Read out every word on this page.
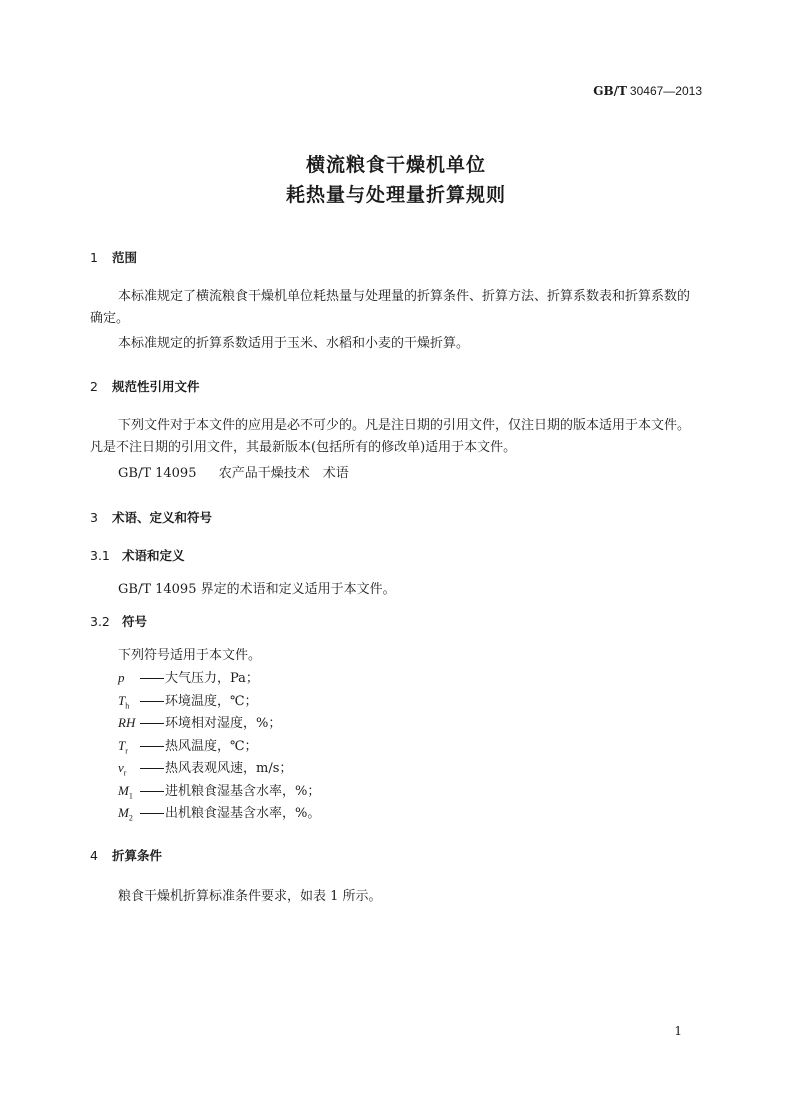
GB/T 30467—2013
横流粮食干燥机单位
耗热量与处理量折算规则
1 范围
本标准规定了横流粮食干燥机单位耗热量与处理量的折算条件、折算方法、折算系数表和折算系数的确定。
本标准规定的折算系数适用于玉米、水稻和小麦的干燥折算。
2 规范性引用文件
下列文件对于本文件的应用是必不可少的。凡是注日期的引用文件，仅注日期的版本适用于本文件。凡是不注日期的引用文件，其最新版本(包括所有的修改单)适用于本文件。
GB/T 14095 农产品干燥技术　术语
3 术语、定义和符号
3.1 术语和定义
GB/T 14095 界定的术语和定义适用于本文件。
3.2 符号
下列符号适用于本文件。
p	大气压力，Pa；
$T_h$	环境温度，℃；
RH 环境相对湿度，%；
$T_r$	热风温度，℃；
$v_r$	热风表观风速，m/s；
$M_1$ 进机粮食湿基含水率，%；
$M_2$ 出机粮食湿基含水率，%。
4 折算条件
粮食干燥机折算标准条件要求，如表 1 所示。
1
